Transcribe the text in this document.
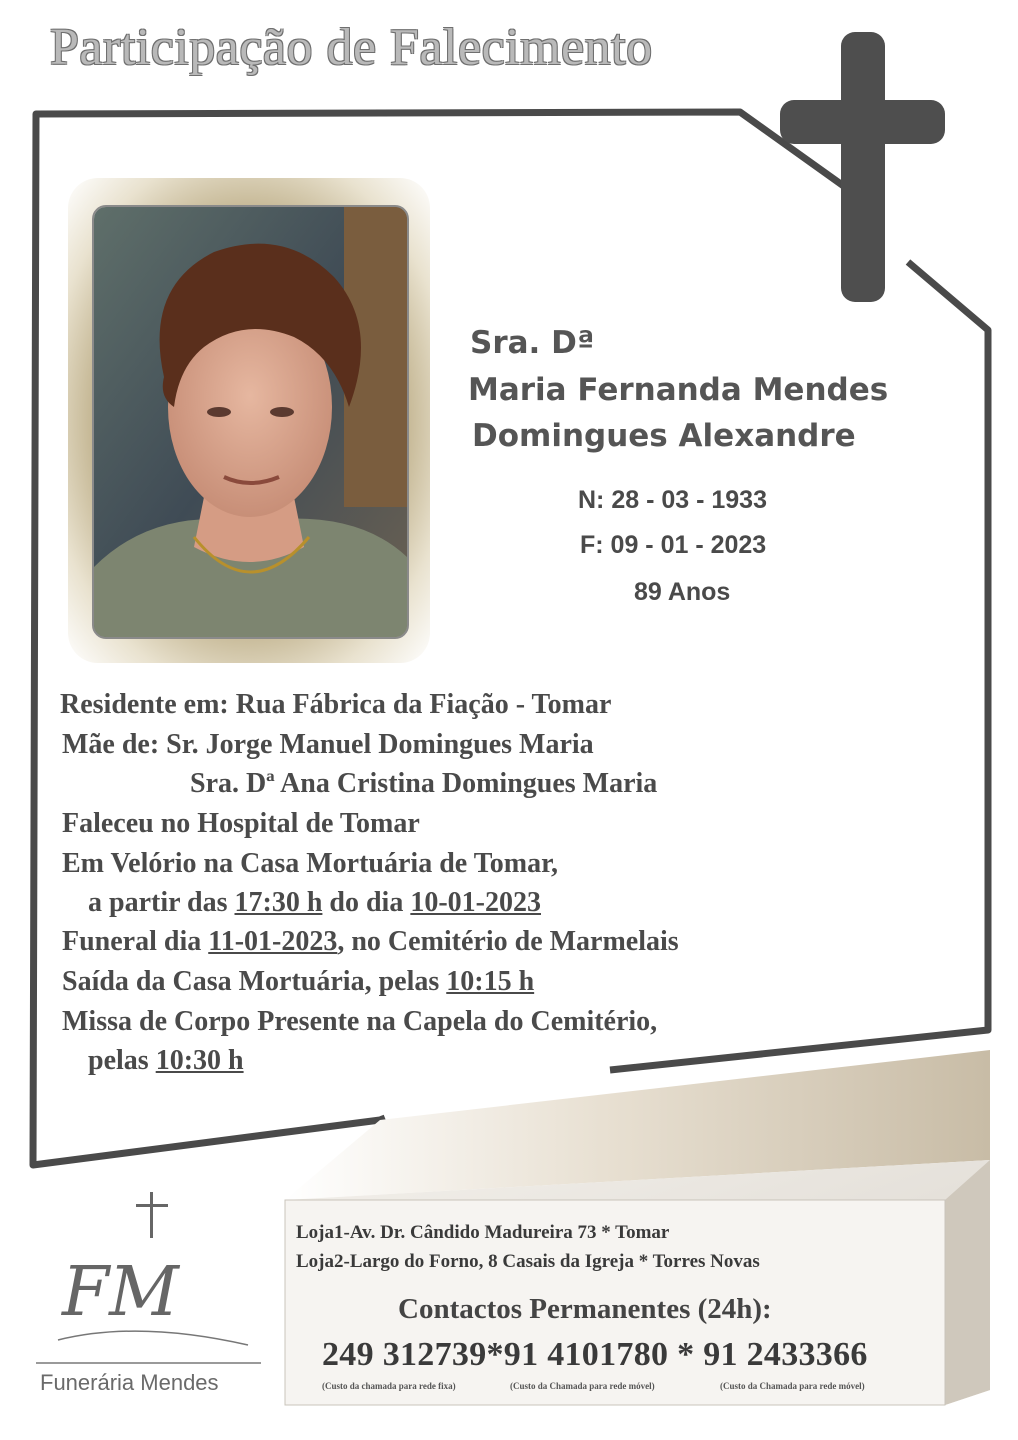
Participação de Falecimento
Sra. Dª
Maria Fernanda Mendes
Domingues Alexandre
N: 28 - 03 - 1933
F: 09 - 01 - 2023
89 Anos
Residente em: Rua Fábrica da Fiação - Tomar
Mãe de: Sr. Jorge Manuel Domingues Maria
Sra. Dª Ana Cristina Domingues Maria
Faleceu no Hospital de Tomar
Em Velório na Casa Mortuária de Tomar,
a partir das 17:30 h do dia 10-01-2023
Funeral dia 11-01-2023, no Cemitério de Marmelais
Saída da Casa Mortuária, pelas 10:15 h
Missa de Corpo Presente na Capela do Cemitério,
pelas 10:30 h
FM
Funerária Mendes
Loja1-Av. Dr. Cândido Madureira 73 * Tomar
Loja2-Largo do Forno, 8 Casais da Igreja * Torres Novas
Contactos Permanentes (24h):
249 312739*91 4101780 * 91 2433366
(Custo da chamada para rede fixa)	(Custo da Chamada para rede móvel)	(Custo da Chamada para rede móvel)
